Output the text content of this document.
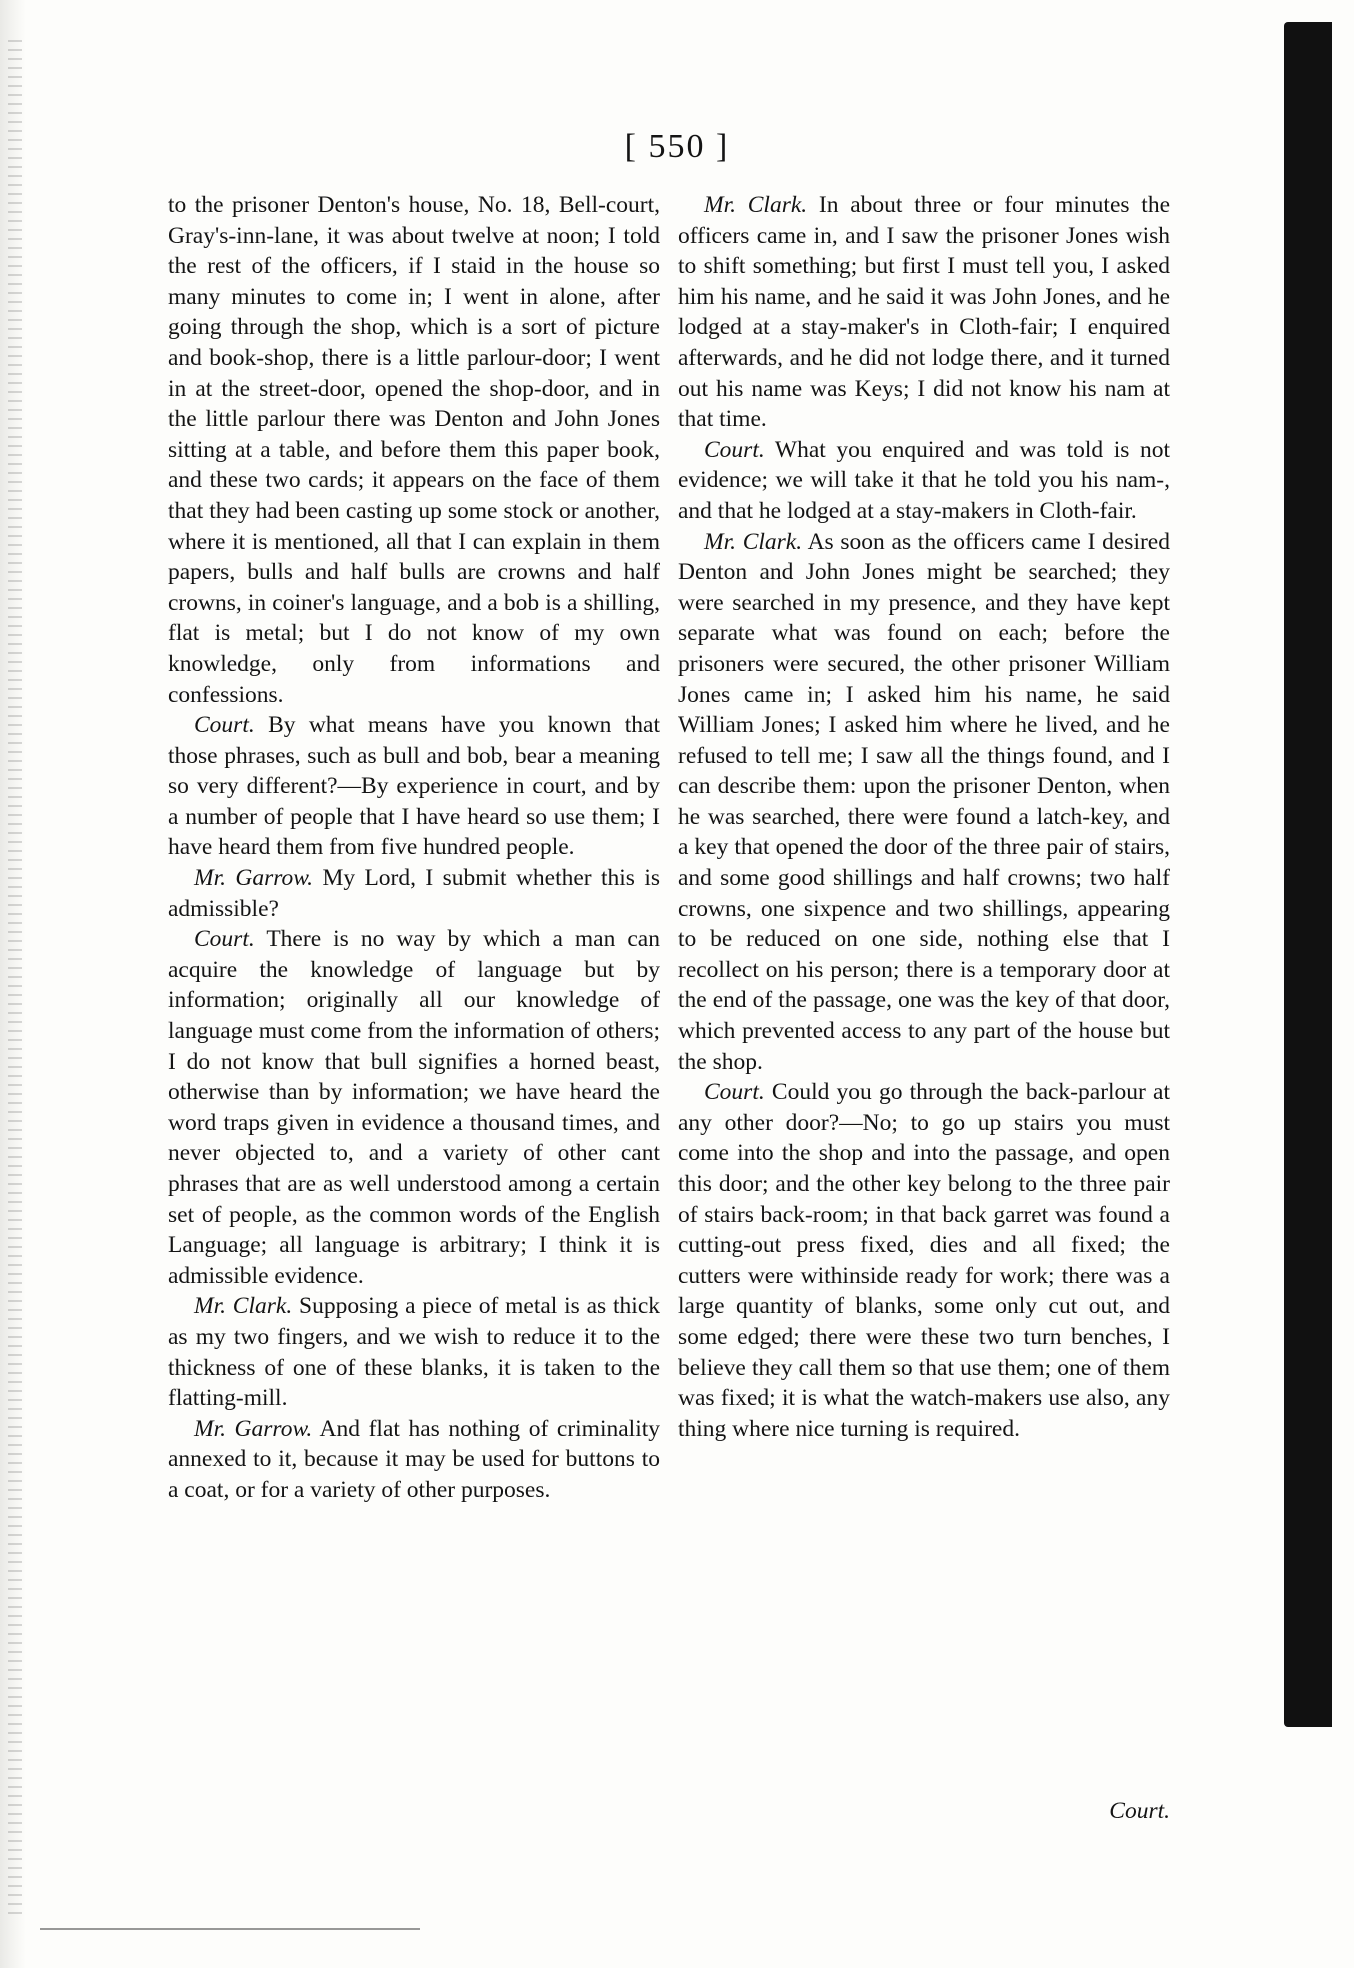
[ 550 ]

to the prisoner Denton's house, No. 18, Bell-court, Gray's-inn-lane, it was about twelve at noon; I told the rest of the officers, if I staid in the house so many minutes to come in; I went in alone, after going through the shop, which is a sort of picture and book-shop, there is a little parlour-door; I went in at the street-door, opened the shop-door, and in the little parlour there was Denton and John Jones sitting at a table, and before them this paper book, and these two cards; it appears on the face of them that they had been casting up some stock or another, where it is mentioned, all that I can explain in them papers, bulls and half bulls are crowns and half crowns, in coiner's language, and a bob is a shilling, flat is metal; but I do not know of my own knowledge, only from informations and confessions.

Court. By what means have you known that those phrases, such as bull and bob, bear a meaning so very different?—By experience in court, and by a number of people that I have heard so use them; I have heard them from five hundred people.

Mr. Garrow. My Lord, I submit whether this is admissible?

Court. There is no way by which a man can acquire the knowledge of language but by information; originally all our knowledge of language must come from the information of others; I do not know that bull signifies a horned beast, otherwise than by information; we have heard the word traps given in evidence a thousand times, and never objected to, and a variety of other cant phrases that are as well understood among a certain set of people, as the common words of the English Language; all language is arbitrary; I think it is admissible evidence.

Mr. Clark. Supposing a piece of metal is as thick as my two fingers, and we wish to reduce it to the thickness of one of these blanks, it is taken to the flatting-mill.

Mr. Garrow. And flat has nothing of criminality annexed to it, because it may be used for buttons to a coat, or for a variety of other purposes.

Mr. Clark. In about three or four minutes the officers came in, and I saw the prisoner Jones wish to shift something; but first I must tell you, I asked him his name, and he said it was John Jones, and he lodged at a stay-maker's in Cloth-fair; I enquired afterwards, and he did not lodge there, and it turned out his name was Keys; I did not know his nam at that time.

Court. What you enquired and was told is not evidence; we will take it that he told you his nam-, and that he lodged at a stay-makers in Cloth-fair.

Mr. Clark. As soon as the officers came I desired Denton and John Jones might be searched; they were searched in my presence, and they have kept separate what was found on each; before the prisoners were secured, the other prisoner William Jones came in; I asked him his name, he said William Jones; I asked him where he lived, and he refused to tell me; I saw all the things found, and I can describe them: upon the prisoner Denton, when he was searched, there were found a latch-key, and a key that opened the door of the three pair of stairs, and some good shillings and half crowns; two half crowns, one sixpence and two shillings, appearing to be reduced on one side, nothing else that I recollect on his person; there is a temporary door at the end of the passage, one was the key of that door, which prevented access to any part of the house but the shop.

Court. Could you go through the back-parlour at any other door?—No; to go up stairs you must come into the shop and into the passage, and open this door; and the other key belong to the three pair of stairs back-room; in that back garret was found a cutting-out press fixed, dies and all fixed; the cutters were withinside ready for work; there was a large quantity of blanks, some only cut out, and some edged; there were these two turn benches, I believe they call them so that use them; one of them was fixed; it is what the watch-makers use also, any thing where nice turning is required.

Court.
